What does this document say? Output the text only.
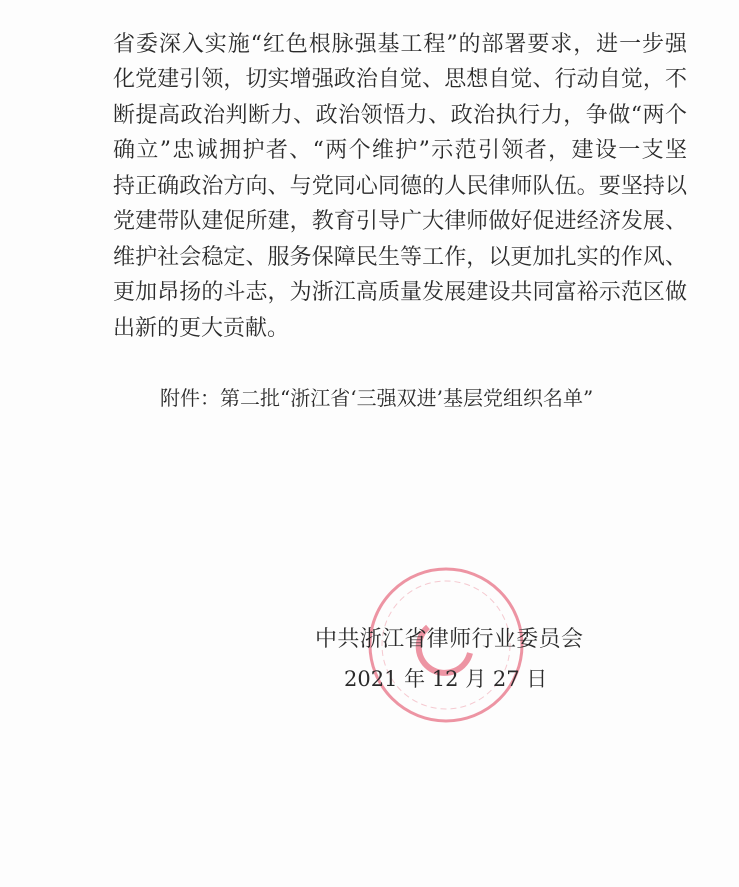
省委深入实施“红色根脉强基工程”的部署要求，进一步强
化党建引领，切实增强政治自觉、思想自觉、行动自觉，不
断提高政治判断力、政治领悟力、政治执行力，争做“两个
确立”忠诚拥护者、“两个维护”示范引领者，建设一支坚
持正确政治方向、与党同心同德的人民律师队伍。要坚持以
党建带队建促所建，教育引导广大律师做好促进经济发展、
维护社会稳定、服务保障民生等工作，以更加扎实的作风、
更加昂扬的斗志，为浙江高质量发展建设共同富裕示范区做
出新的更大贡献。
附件：第二批“浙江省‘三强双进’基层党组织名单”
中共浙江省律师行业委员会
2021 年 12 月 27 日
